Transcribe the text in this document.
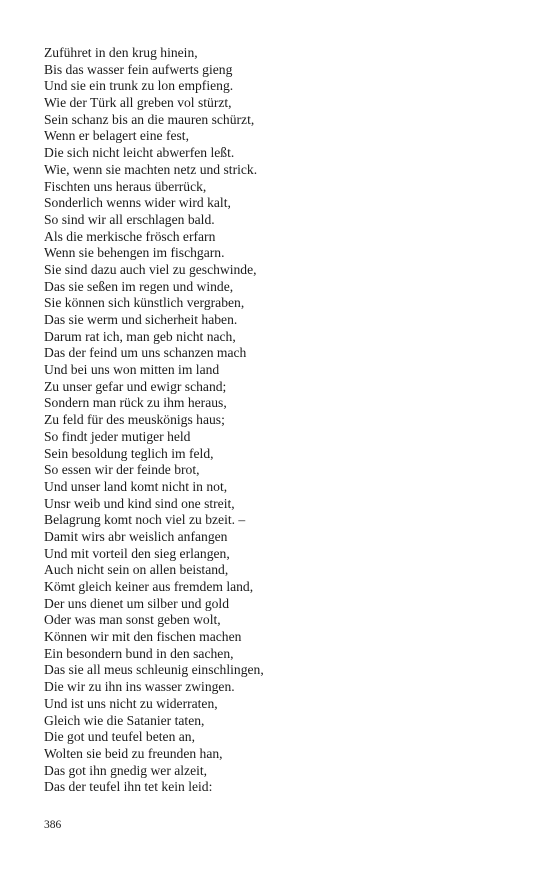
Zuführet in den krug hinein,
Bis das wasser fein aufwerts gieng
Und sie ein trunk zu lon empfieng.
Wie der Türk all greben vol stürzt,
Sein schanz bis an die mauren schürzt,
Wenn er belagert eine fest,
Die sich nicht leicht abwerfen leßt.
Wie, wenn sie machten netz und strick.
Fischten uns heraus überrück,
Sonderlich wenns wider wird kalt,
So sind wir all erschlagen bald.
Als die merkische frösch erfarn
Wenn sie behengen im fischgarn.
Sie sind dazu auch viel zu geschwinde,
Das sie seßen im regen und winde,
Sie können sich künstlich vergraben,
Das sie werm und sicherheit haben.
Darum rat ich, man geb nicht nach,
Das der feind um uns schanzen mach
Und bei uns won mitten im land
Zu unser gefar und ewigr schand;
Sondern man rück zu ihm heraus,
Zu feld für des meuskönigs haus;
So findt jeder mutiger held
Sein besoldung teglich im feld,
So essen wir der feinde brot,
Und unser land komt nicht in not,
Unsr weib und kind sind one streit,
Belagrung komt noch viel zu bzeit. –
Damit wirs abr weislich anfangen
Und mit vorteil den sieg erlangen,
Auch nicht sein on allen beistand,
Kömt gleich keiner aus fremdem land,
Der uns dienet um silber und gold
Oder was man sonst geben wolt,
Können wir mit den fischen machen
Ein besondern bund in den sachen,
Das sie all meus schleunig einschlingen,
Die wir zu ihn ins wasser zwingen.
Und ist uns nicht zu widerraten,
Gleich wie die Satanier taten,
Die got und teufel beten an,
Wolten sie beid zu freunden han,
Das got ihn gnedig wer alzeit,
Das der teufel ihn tet kein leid:
386
